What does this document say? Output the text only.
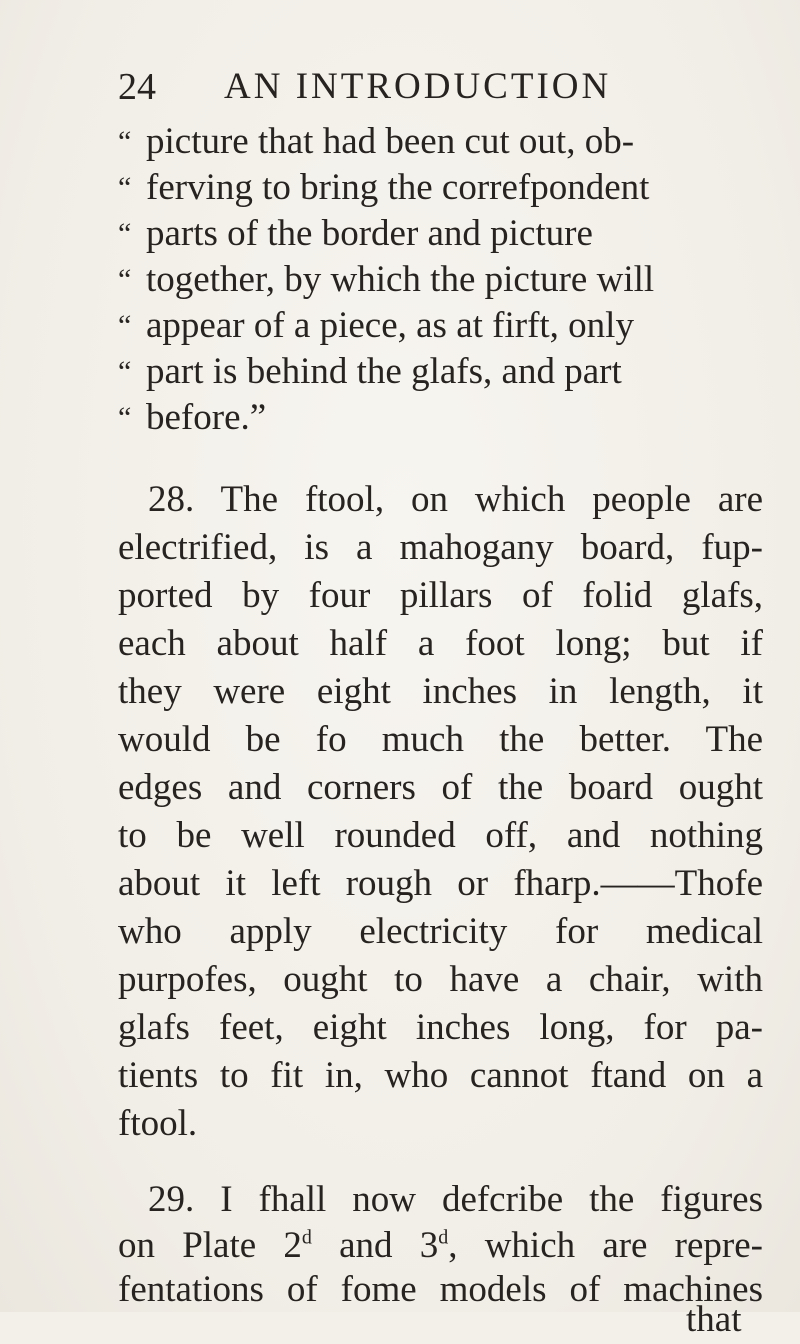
24 AN INTRODUCTION
“ picture that had been cut out, ob-
“ ferving to bring the correfpondent
“ parts of the border and picture
“ together, by which the picture will
“ appear of a piece, as at firft, only
“ part is behind the glafs, and part
“ before.”
28. The ftool, on which people are
electrified, is a mahogany board, fup-
ported by four pillars of folid glafs,
each about half a foot long; but if
they were eight inches in length, it
would be fo much the better. The
edges and corners of the board ought
to be well rounded off, and nothing
about it left rough or fharp.——Thofe
who apply electricity for medical
purpofes, ought to have a chair, with
glafs feet, eight inches long, for pa-
tients to fit in, who cannot ftand on a
ftool.
29. I fhall now defcribe the figures
on Plate 2$^d$ and 3$^d$, which are repre-
fentations of fome models of machines
that
